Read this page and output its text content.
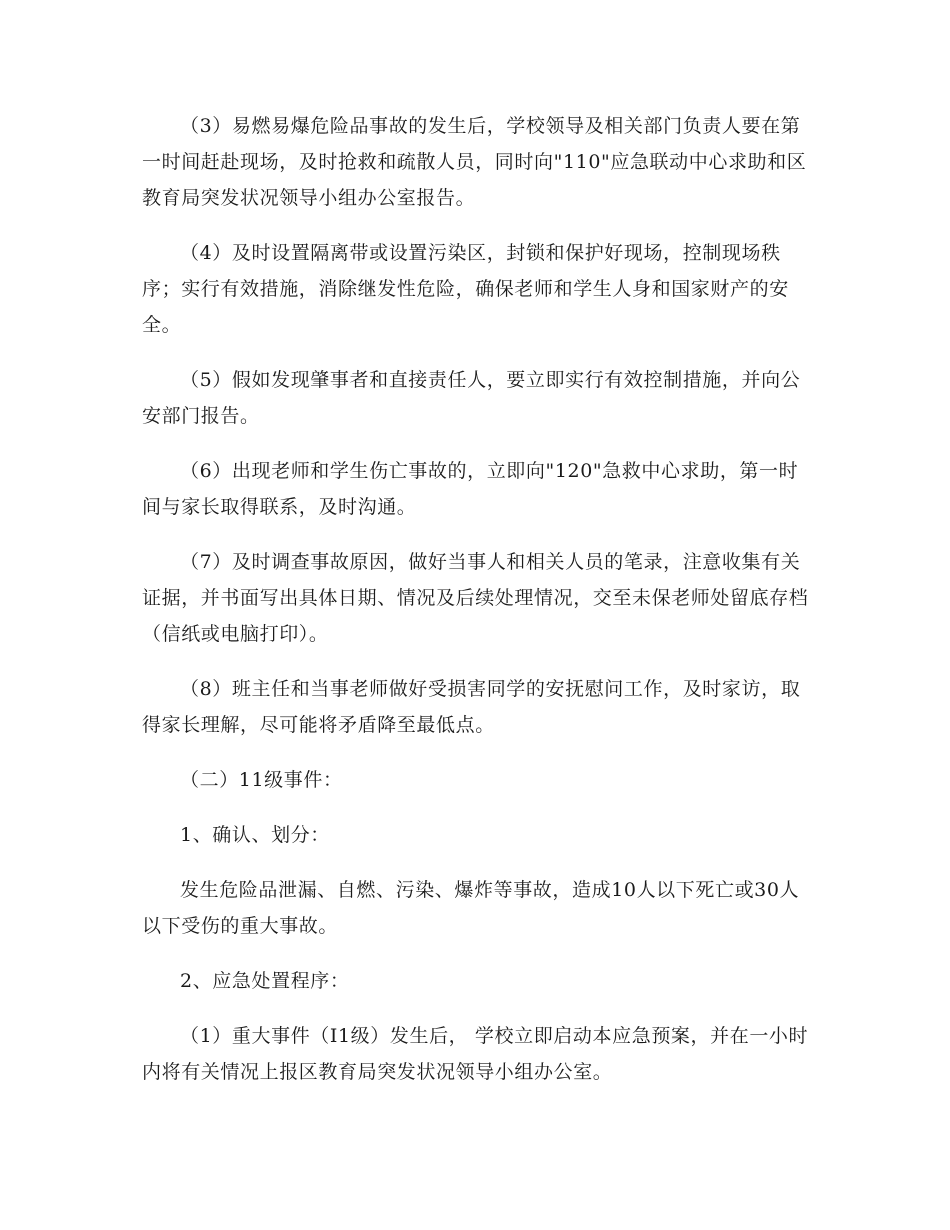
（3）易燃易爆危险品事故的发生后，学校领导及相关部门负责人要在第一时间赶赴现场，及时抢救和疏散人员，同时向"110"应急联动中心求助和区教育局突发状况领导小组办公室报告。

（4）及时设置隔离带或设置污染区，封锁和保护好现场，控制现场秩序；实行有效措施，消除继发性危险，确保老师和学生人身和国家财产的安全。

（5）假如发现肇事者和直接责任人，要立即实行有效控制措施，并向公安部门报告。

（6）出现老师和学生伤亡事故的，立即向"120"急救中心求助，第一时间与家长取得联系，及时沟通。

（7）及时调查事故原因，做好当事人和相关人员的笔录，注意收集有关证据，并书面写出具体日期、情况及后续处理情况，交至未保老师处留底存档（信纸或电脑打印）。

（8）班主任和当事老师做好受损害同学的安抚慰问工作，及时家访，取得家长理解，尽可能将矛盾降至最低点。

（二）11级事件：

1、确认、划分：

发生危险品泄漏、自燃、污染、爆炸等事故，造成10人以下死亡或30人以下受伤的重大事故。

2、应急处置程序：

（1）重大事件（I1级）发生后， 学校立即启动本应急预案，并在一小时内将有关情况上报区教育局突发状况领导小组办公室。
